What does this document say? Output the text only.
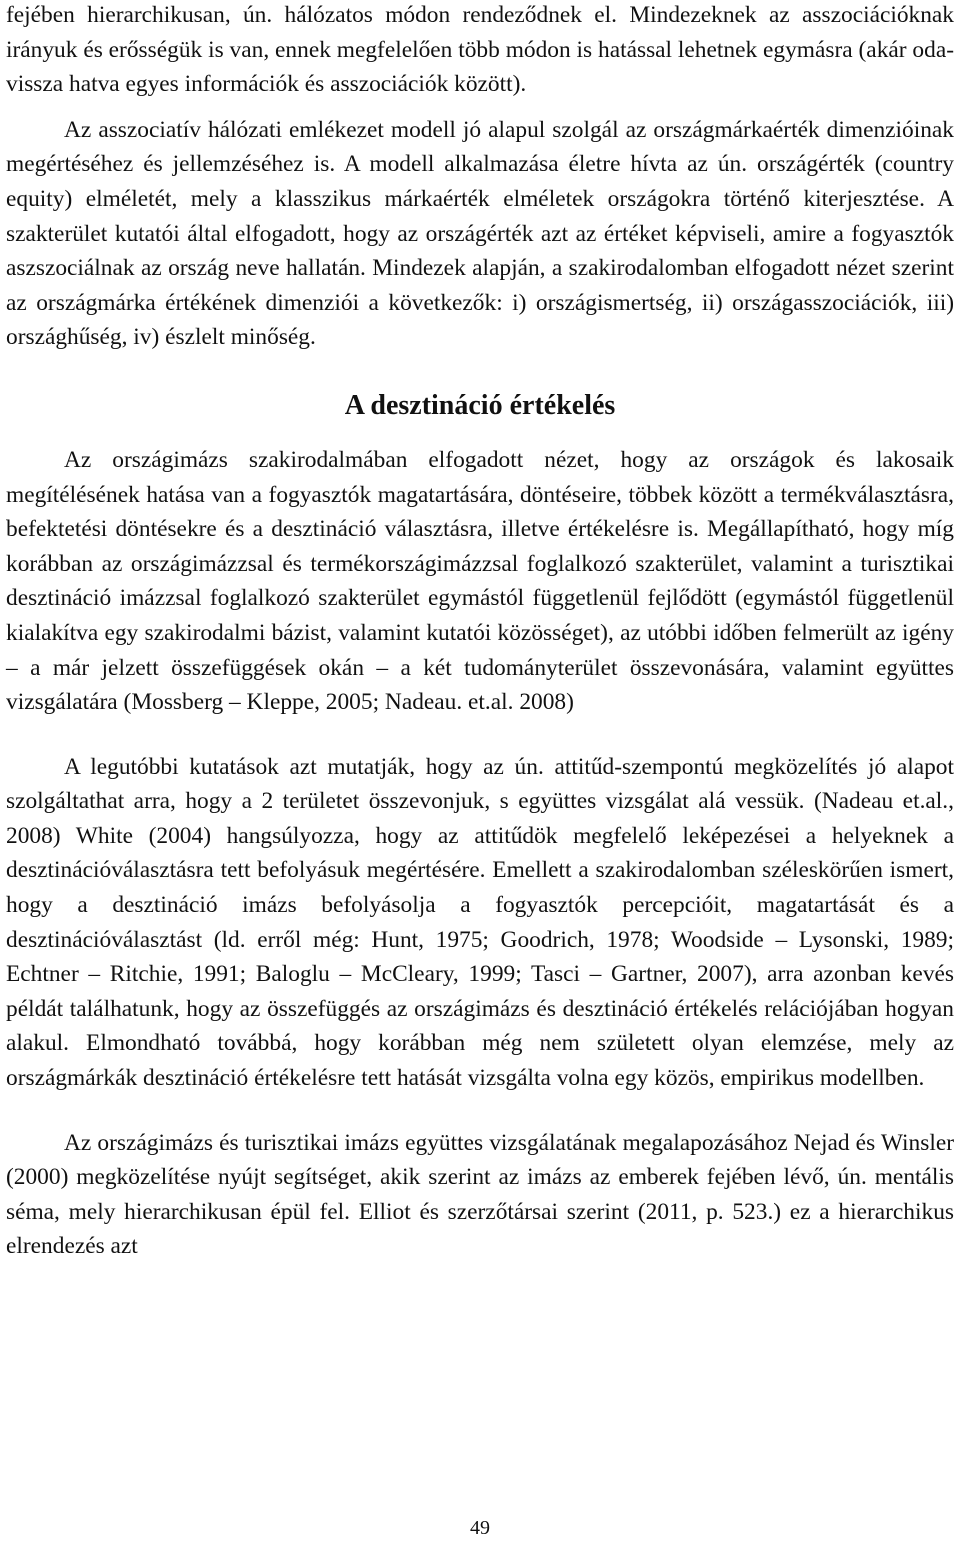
fejében hierarchikusan, ún. hálózatos módon rendeződnek el. Mindezeknek az asszociációknak irányuk és erősségük is van, ennek megfelelően több módon is hatással lehetnek egymásra (akár oda-vissza hatva egyes információk és asszociációk között).

Az asszociatív hálózati emlékezet modell jó alapul szolgál az országmárkaérték dimenzióinak megértéséhez és jellemzéséhez is. A modell alkalmazása életre hívta az ún. országérték (country equity) elméletét, mely a klasszikus márkaérték elméletek országokra történő kiterjesztése. A szakterület kutatói által elfogadott, hogy az országérték azt az értéket képviseli, amire a fogyasztók aszszociálnak az ország neve hallatán. Mindezek alapján, a szakirodalomban elfogadott nézet szerint az országmárka értékének dimenziói a következők: i) országismertség, ii) országasszociációk, iii) országhűség, iv) észlelt minőség.

A desztináció értékelés

Az országimázs szakirodalmában elfogadott nézet, hogy az országok és lakosaik megítélésének hatása van a fogyasztók magatartására, döntéseire, többek között a termékválasztásra, befektetési döntésekre és a desztináció választásra, illetve értékelésre is. Megállapítható, hogy míg korábban az országimázzsal és termékországimázzsal foglalkozó szakterület, valamint a turisztikai desztináció imázzsal foglalkozó szakterület egymástól függetlenül fejlődött (egymástól függetlenül kialakítva egy szakirodalmi bázist, valamint kutatói közösséget), az utóbbi időben felmerült az igény – a már jelzett összefüggések okán – a két tudományterület összevonására, valamint együttes vizsgálatára (Mossberg – Kleppe, 2005; Nadeau. et.al. 2008)

A legutóbbi kutatások azt mutatják, hogy az ún. attitűd-szempontú megközelítés jó alapot szolgáltathat arra, hogy a 2 területet összevonjuk, s együttes vizsgálat alá vessük. (Nadeau et.al., 2008) White (2004) hangsúlyozza, hogy az attitűdök megfelelő leképezései a helyeknek a desztinációválasztásra tett befolyásuk megértésére. Emellett a szakirodalomban széleskörűen ismert, hogy a desztináció imázs befolyásolja a fogyasztók percepcióit, magatartását és a desztinációválasztást (ld. erről még: Hunt, 1975; Goodrich, 1978; Woodside – Lysonski, 1989; Echtner – Ritchie, 1991; Baloglu – McCleary, 1999; Tasci – Gartner, 2007), arra azonban kevés példát találhatunk, hogy az összefüggés az országimázs és desztináció értékelés relációjában hogyan alakul. Elmondható továbbá, hogy korábban még nem született olyan elemzése, mely az országmárkák desztináció értékelésre tett hatását vizsgálta volna egy közös, empirikus modellben.

Az országimázs és turisztikai imázs együttes vizsgálatának megalapozásához Nejad és Winsler (2000) megközelítése nyújt segítséget, akik szerint az imázs az emberek fejében lévő, ún. mentális séma, mely hierarchikusan épül fel. Elliot és szerzőtársai szerint (2011, p. 523.) ez a hierarchikus elrendezés azt

49
